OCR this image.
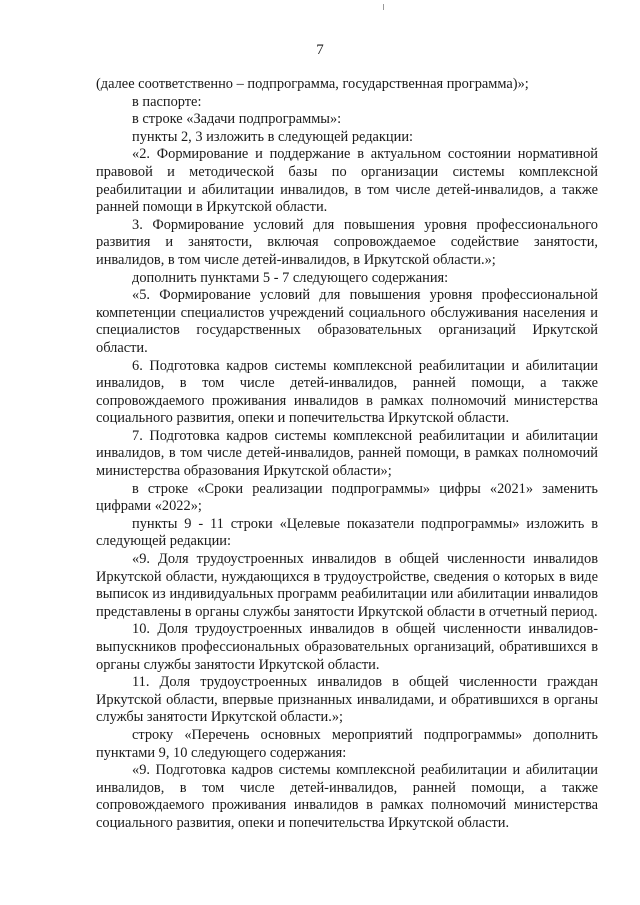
7

(далее соответственно – подпрограмма, государственная программа)»;

в паспорте:

в строке «Задачи подпрограммы»:

пункты 2, 3 изложить в следующей редакции:

«2. Формирование и поддержание в актуальном состоянии нормативной правовой и методической базы по организации системы комплексной реабилитации и абилитации инвалидов, в том числе детей-инвалидов, а также ранней помощи в Иркутской области.

3. Формирование условий для повышения уровня профессионального развития и занятости, включая сопровождаемое содействие занятости, инвалидов, в том числе детей-инвалидов, в Иркутской области.»;

дополнить пунктами 5 - 7 следующего содержания:

«5. Формирование условий для повышения уровня профессиональной компетенции специалистов учреждений социального обслуживания населения и специалистов государственных образовательных организаций Иркутской области.

6. Подготовка кадров системы комплексной реабилитации и абилитации инвалидов, в том числе детей-инвалидов, ранней помощи, а также сопровождаемого проживания инвалидов в рамках полномочий министерства социального развития, опеки и попечительства Иркутской области.

7. Подготовка кадров системы комплексной реабилитации и абилитации инвалидов, в том числе детей-инвалидов, ранней помощи, в рамках полномочий министерства образования Иркутской области»;

в строке «Сроки реализации подпрограммы» цифры «2021» заменить цифрами «2022»;

пункты 9 - 11 строки «Целевые показатели подпрограммы» изложить в следующей редакции:

«9. Доля трудоустроенных инвалидов в общей численности инвалидов Иркутской области, нуждающихся в трудоустройстве, сведения о которых в виде выписок из индивидуальных программ реабилитации или абилитации инвалидов представлены в органы службы занятости Иркутской области в отчетный период.

10. Доля трудоустроенных инвалидов в общей численности инвалидов-выпускников профессиональных образовательных организаций, обратившихся в органы службы занятости Иркутской области.

11. Доля трудоустроенных инвалидов в общей численности граждан Иркутской области, впервые признанных инвалидами, и обратившихся в органы службы занятости Иркутской области.»;

строку «Перечень основных мероприятий подпрограммы» дополнить пунктами 9, 10 следующего содержания:

«9. Подготовка кадров системы комплексной реабилитации и абилитации инвалидов, в том числе детей-инвалидов, ранней помощи, а также сопровождаемого проживания инвалидов в рамках полномочий министерства социального развития, опеки и попечительства Иркутской области.
